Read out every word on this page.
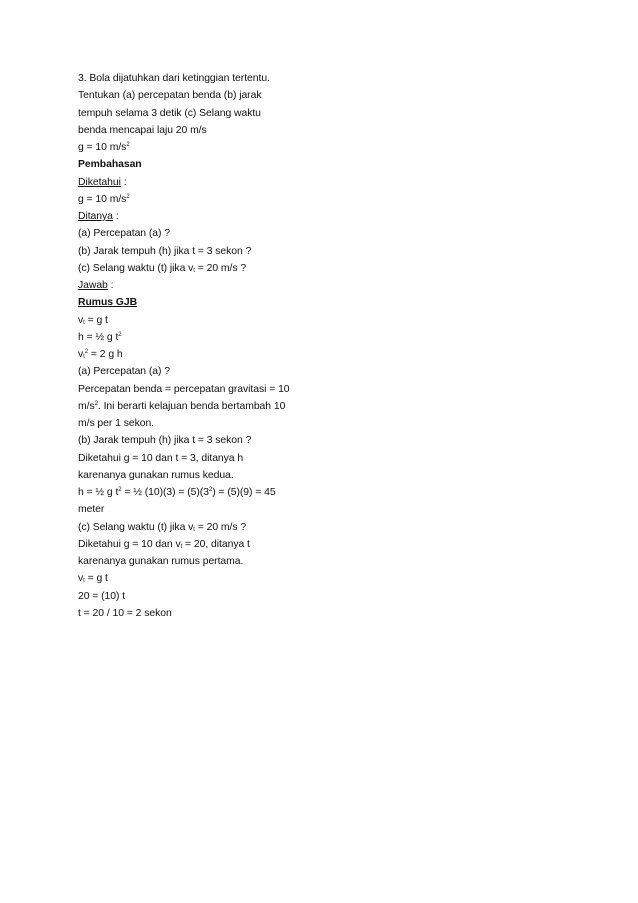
3. Bola dijatuhkan dari ketinggian tertentu.
Tentukan (a) percepatan benda (b) jarak
tempuh selama 3 detik (c) Selang waktu
benda mencapai laju 20 m/s
g = 10 $m/s^2$
Pembahasan
Diketahui :
g = 10 $m/s^2$
Ditanya :
(a) Percepatan (a) ?
(b) Jarak tempuh (h) jika t = 3 sekon ?
(c) Selang waktu (t) jika $v_t = 20$ m/s ?
Jawab :
Rumus GJB
$v_t = g$ t
h = ½ g $t^2$
$v_t^2 = 2$ g h
(a) Percepatan (a) ?
Percepatan benda = percepatan gravitasi = 10
$m/s^2$. Ini berarti kelajuan benda bertambah 10
m/s per 1 sekon.
(b) Jarak tempuh (h) jika t = 3 sekon ?
Diketahui g = 10 dan t = 3, ditanya h
karenanya gunakan rumus kedua.
h = ½ g $t^2$ = ½ $(10)(3) = (5)(3^2) = (5)(9) = 45$
meter
(c) Selang waktu (t) jika $v_t = 20$ m/s ?
Diketahui g = 10 dan $v_t = 20$, ditanya t
karenanya gunakan rumus pertama.
$v_t = g$ t
20 = (10) t
t = 20 / 10 = 2 sekon
